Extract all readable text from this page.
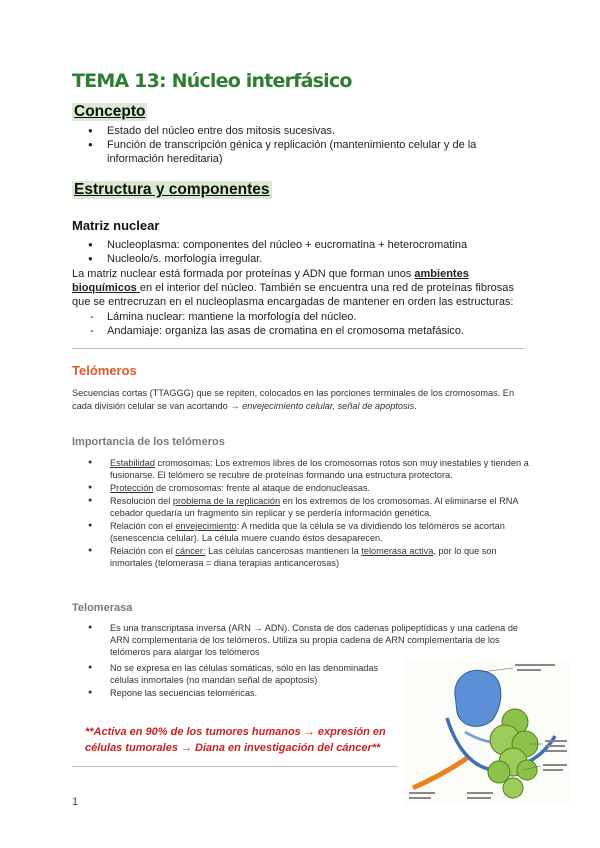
TEMA 13: Núcleo interfásico
Concepto
● Estado del núcleo entre dos mitosis sucesivas.
● Función de transcripción génica y replicación (mantenimiento celular y de la información hereditaria)
Estructura y componentes
Matriz nuclear
● Nucleoplasma: componentes del núcleo + eucromatina + heterocromatina
● Nucleolo/s. morfología irregular.

La matriz nuclear está formada por proteínas y ADN que forman unos ambientes bioquímicos en el interior del núcleo. También se encuentra una red de proteínas fibrosas que se entrecruzan en el nucleoplasma encargadas de mantener en orden las estructuras:

- Lámina nuclear: mantiene la morfología del núcleo.
- Andamiaje: organiza las asas de cromatina en el cromosoma metafásico.
Telómeros

Secuencias cortas (TTAGGG) que se repiten, colocados en las porciones terminales de los cromosomas. En cada división celular se van acortando → envejecimiento celular, señal de apoptosis.

Importancia de los telómeros
● Estabilidad cromosomas: Los extremos libres de los cromosomas rotos son muy inestables y tienden a fusionarse. El telómero se recubre de proteínas formando una estructura protectora.
● Protección de cromosomas: frente al ataque de endonucleasas.
● Resolución del problema de la replicación en los extremos de los cromosomas. Al eliminarse el RNA cebador quedaría un fragmento sin replicar y se perdería información genética.
● Relación con el envejecimiento: A medida que la célula se va dividiendo los telómeros se acortan (senescencia celular). La célula muere cuando éstos desaparecen.
● Relación con el cáncer: Las células cancerosas mantienen la telomerasa activa, por lo que son inmortales (telomerasa = diana terapias anticancerosas)
Telomerasa
● Es una transcriptasa inversa (ARN → ADN). Consta de dos cadenas polipeptídicas y una cadena de ARN complementaria de los telómeros. Utiliza su propia cadena de ARN complementaria de los telómeros para alargar los telómeros
● No se expresa en las células somáticas, sólo en las denominadas células inmortales (no mandan señal de apoptosis)
● Repone las secuencias teloméricas.

**Activa en 90% de los tumores humanos → expresión en células tumorales → Diana en investigación del cáncer**

1
